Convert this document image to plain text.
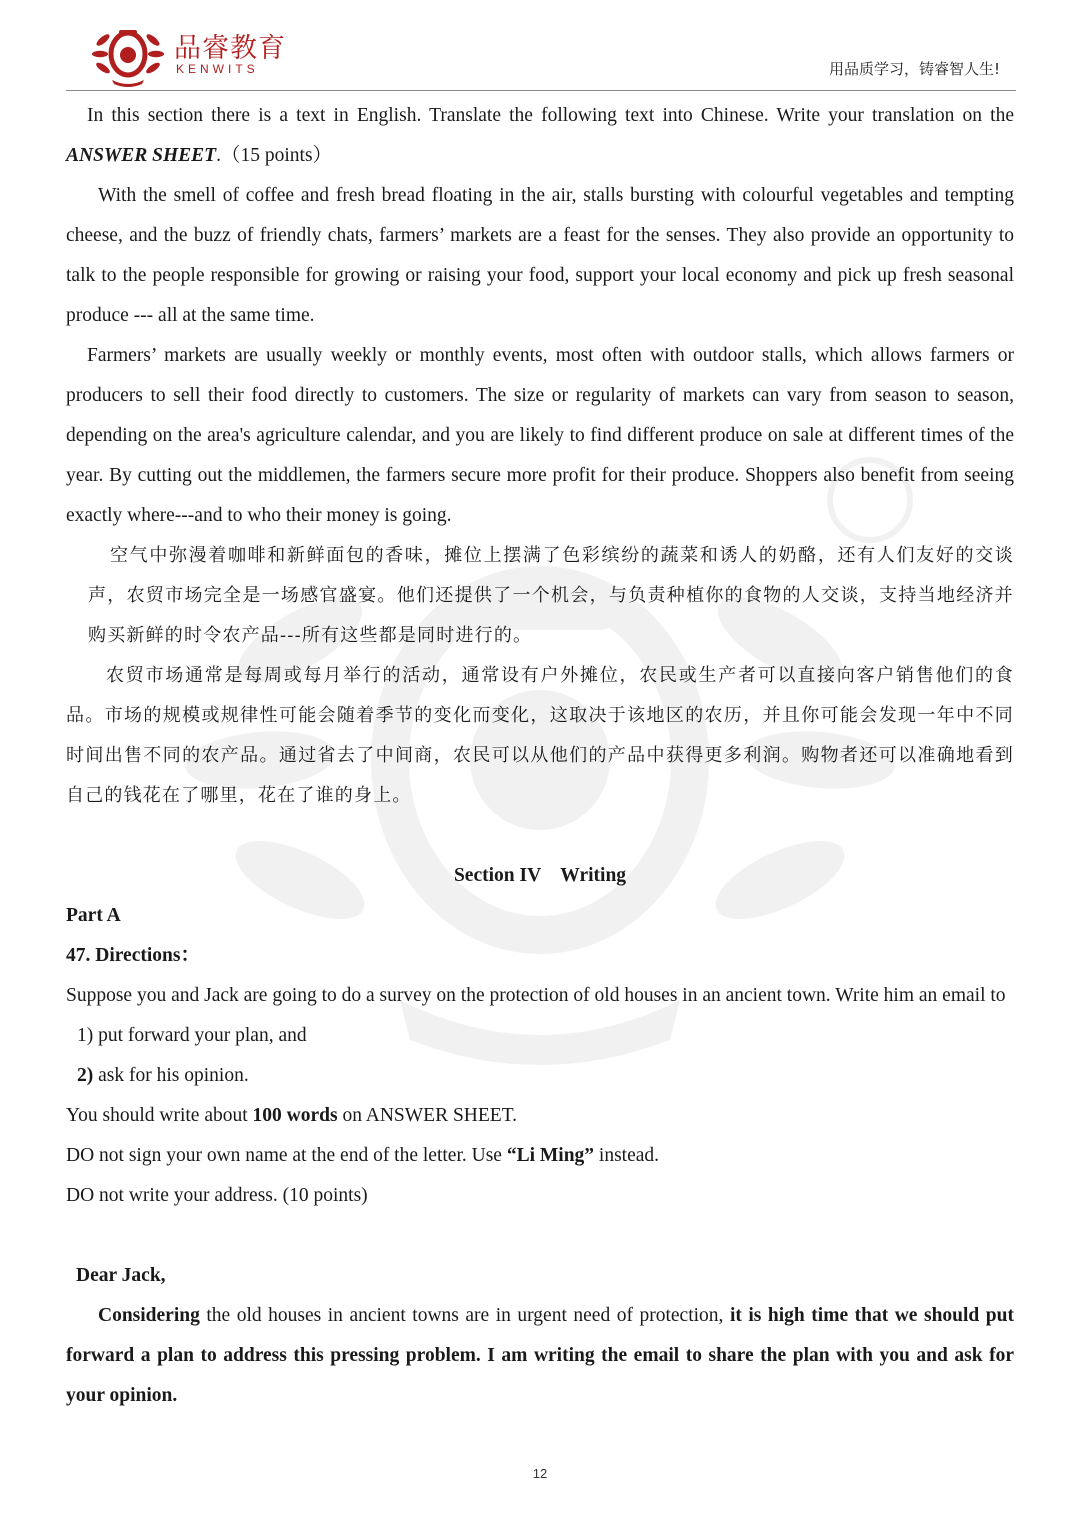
品睿教育
KENWITS	用品质学习，铸睿智人生!

In this section there is a text in English. Translate the following text into Chinese. Write your translation on the ANSWER SHEET.（15 points）

With the smell of coffee and fresh bread floating in the air, stalls bursting with colourful vegetables and tempting cheese, and the buzz of friendly chats, farmers’ markets are a feast for the senses. They also provide an opportunity to talk to the people responsible for growing or raising your food, support your local economy and pick up fresh seasonal produce --- all at the same time.

Farmers’ markets are usually weekly or monthly events, most often with outdoor stalls, which allows farmers or producers to sell their food directly to customers. The size or regularity of markets can vary from season to season, depending on the area's agriculture calendar, and you are likely to find different produce on sale at different times of the year. By cutting out the middlemen, the farmers secure more profit for their produce. Shoppers also benefit from seeing exactly where---and to who their money is going.

空气中弥漫着咖啡和新鲜面包的香味，摊位上摆满了色彩缤纷的蔬菜和诱人的奶酪，还有人们友好的交谈声，农贸市场完全是一场感官盛宴。他们还提供了一个机会，与负责种植你的食物的人交谈，支持当地经济并购买新鲜的时令农产品---所有这些都是同时进行的。

农贸市场通常是每周或每月举行的活动，通常设有户外摊位，农民或生产者可以直接向客户销售他们的食品。市场的规模或规律性可能会随着季节的变化而变化，这取决于该地区的农历，并且你可能会发现一年中不同时间出售不同的农产品。通过省去了中间商，农民可以从他们的产品中获得更多利润。购物者还可以准确地看到自己的钱花在了哪里，花在了谁的身上。

Section IV　Writing

Part A

47. Directions：

Suppose you and Jack are going to do a survey on the protection of old houses in an ancient town. Write him an email to

1) put forward your plan, and

2) ask for his opinion.

You should write about 100 words on ANSWER SHEET.

DO not sign your own name at the end of the letter. Use “Li Ming” instead.

DO not write your address. (10 points)

Dear Jack,

Considering the old houses in ancient towns are in urgent need of protection, it is high time that we should put forward a plan to address this pressing problem. I am writing the email to share the plan with you and ask for your opinion.

12
